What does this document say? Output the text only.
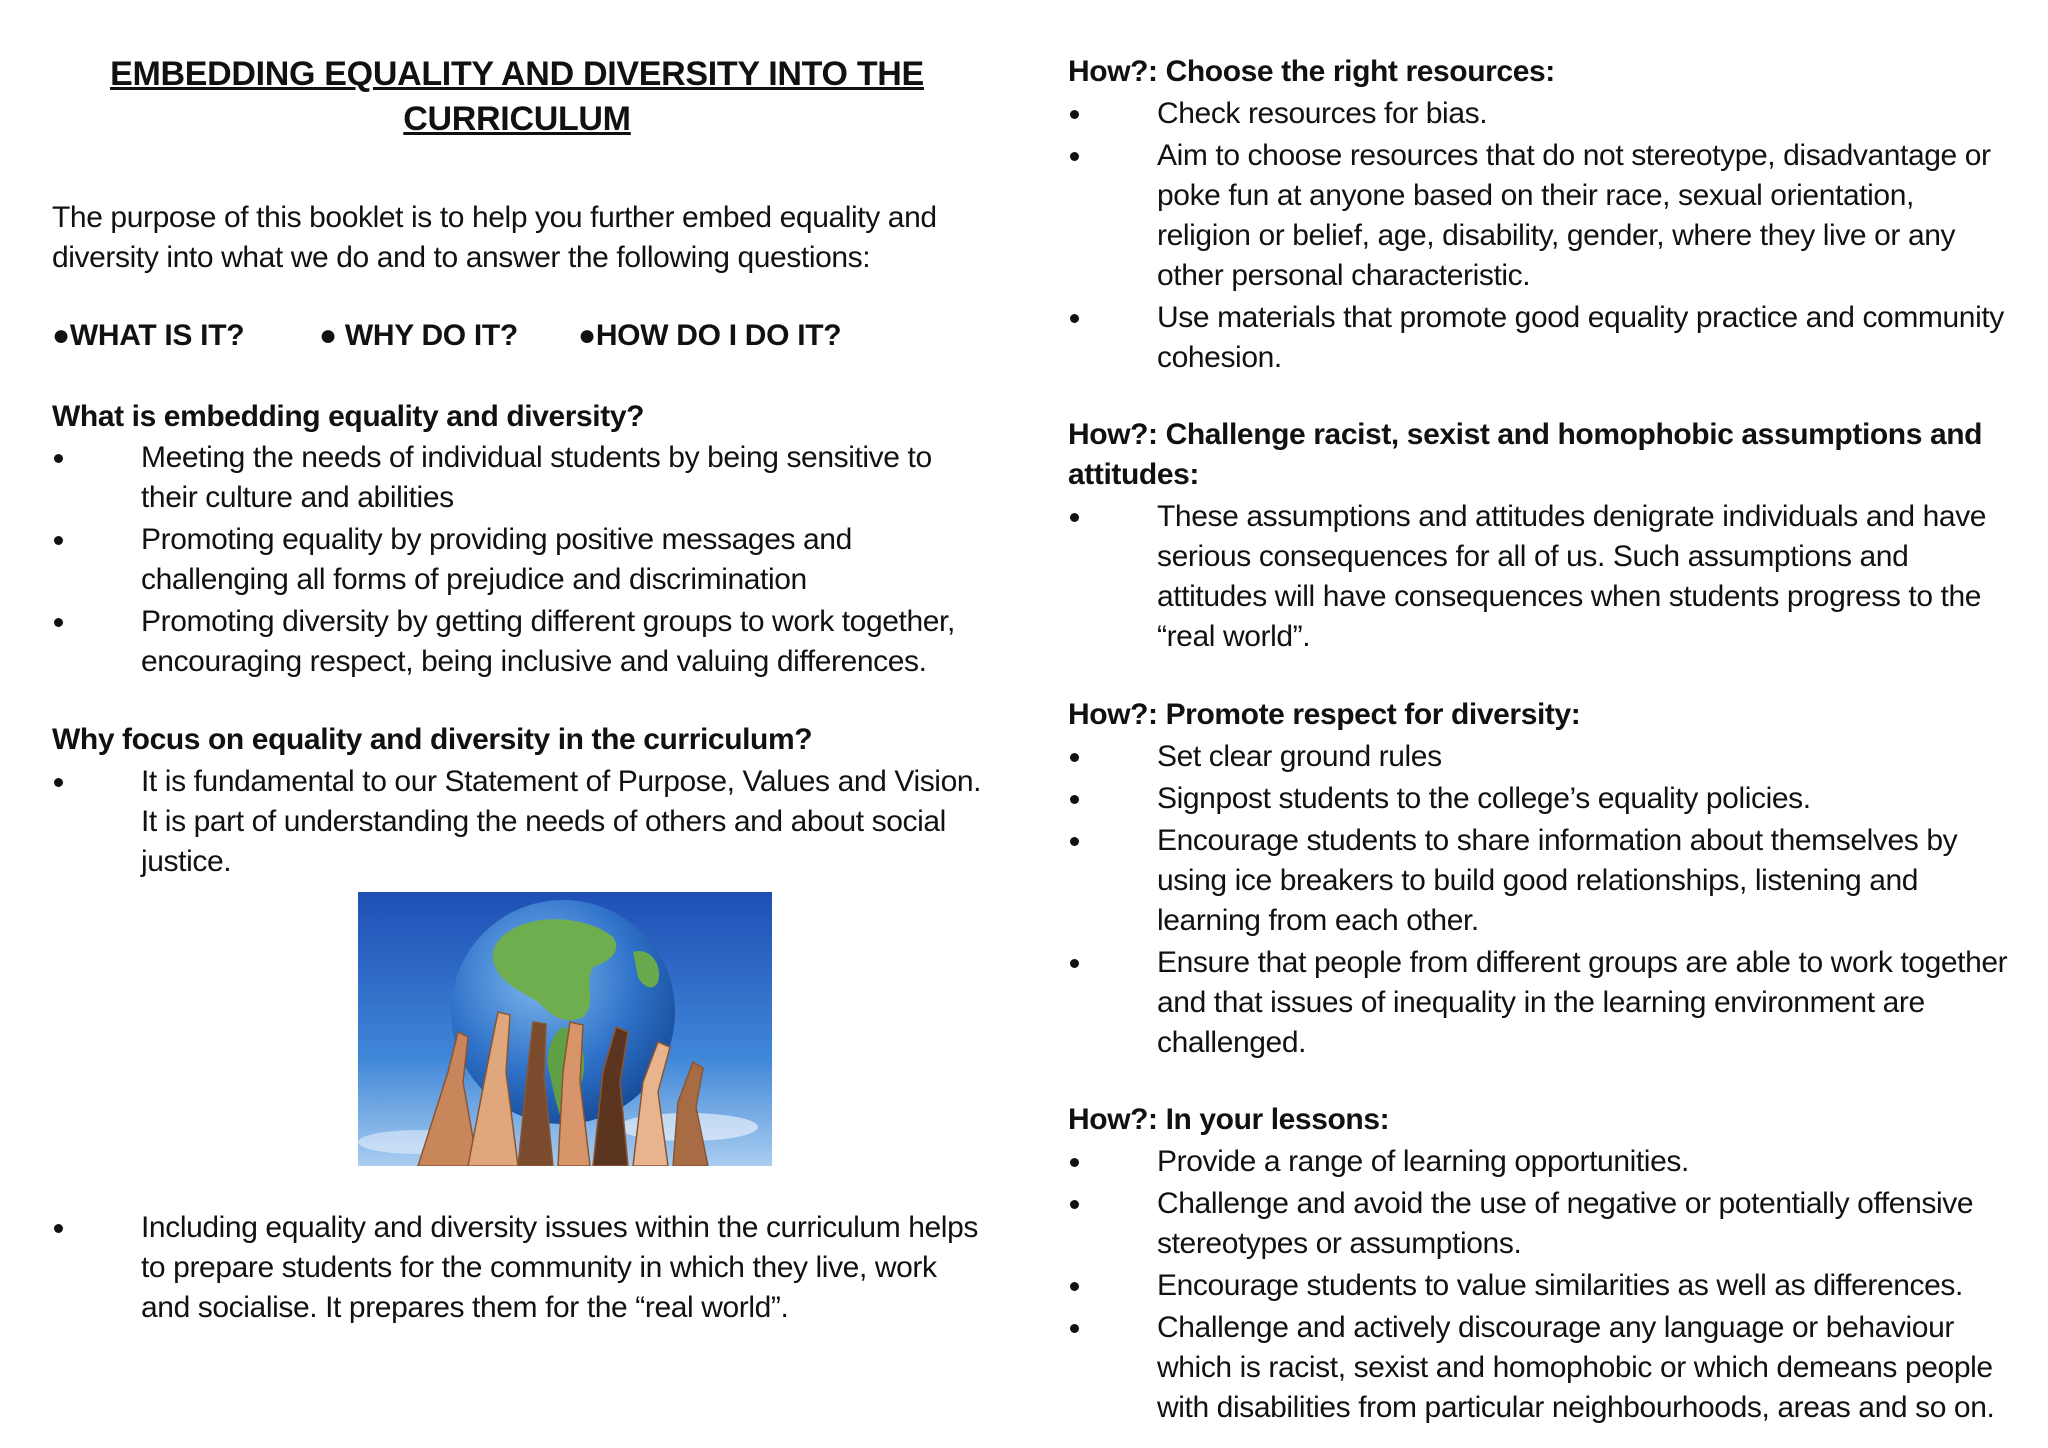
EMBEDDING EQUALITY AND DIVERSITY INTO THE CURRICULUM
The purpose of this booklet is to help you further embed equality and diversity into what we do and to answer the following questions:
●WHAT IS IT? ● WHY DO IT? ●HOW DO I DO IT?
What is embedding equality and diversity?
Meeting the needs of individual students by being sensitive to their culture and abilities
Promoting equality by providing positive messages and challenging all forms of prejudice and discrimination
Promoting diversity by getting different groups to work together, encouraging respect, being inclusive and valuing differences.
Why focus on equality and diversity in the curriculum?
It is fundamental to our Statement of Purpose, Values and Vision. It is part of understanding the needs of others and about social justice.
Including equality and diversity issues within the curriculum helps to prepare students for the community in which they live, work and socialise. It prepares them for the “real world”.
How?: Choose the right resources:
Check resources for bias.
Aim to choose resources that do not stereotype, disadvantage or poke fun at anyone based on their race, sexual orientation, religion or belief, age, disability, gender, where they live or any other personal characteristic.
Use materials that promote good equality practice and community cohesion.
How?: Challenge racist, sexist and homophobic assumptions and attitudes:
These assumptions and attitudes denigrate individuals and have serious consequences for all of us. Such assumptions and attitudes will have consequences when students progress to the “real world”.
How?: Promote respect for diversity:
Set clear ground rules
Signpost students to the college’s equality policies.
Encourage students to share information about themselves by using ice breakers to build good relationships, listening and learning from each other.
Ensure that people from different groups are able to work together and that issues of inequality in the learning environment are challenged.
How?: In your lessons:
Provide a range of learning opportunities.
Challenge and avoid the use of negative or potentially offensive stereotypes or assumptions.
Encourage students to value similarities as well as differences.
Challenge and actively discourage any language or behaviour which is racist, sexist and homophobic or which demeans people with disabilities from particular neighbourhoods, areas and so on.
